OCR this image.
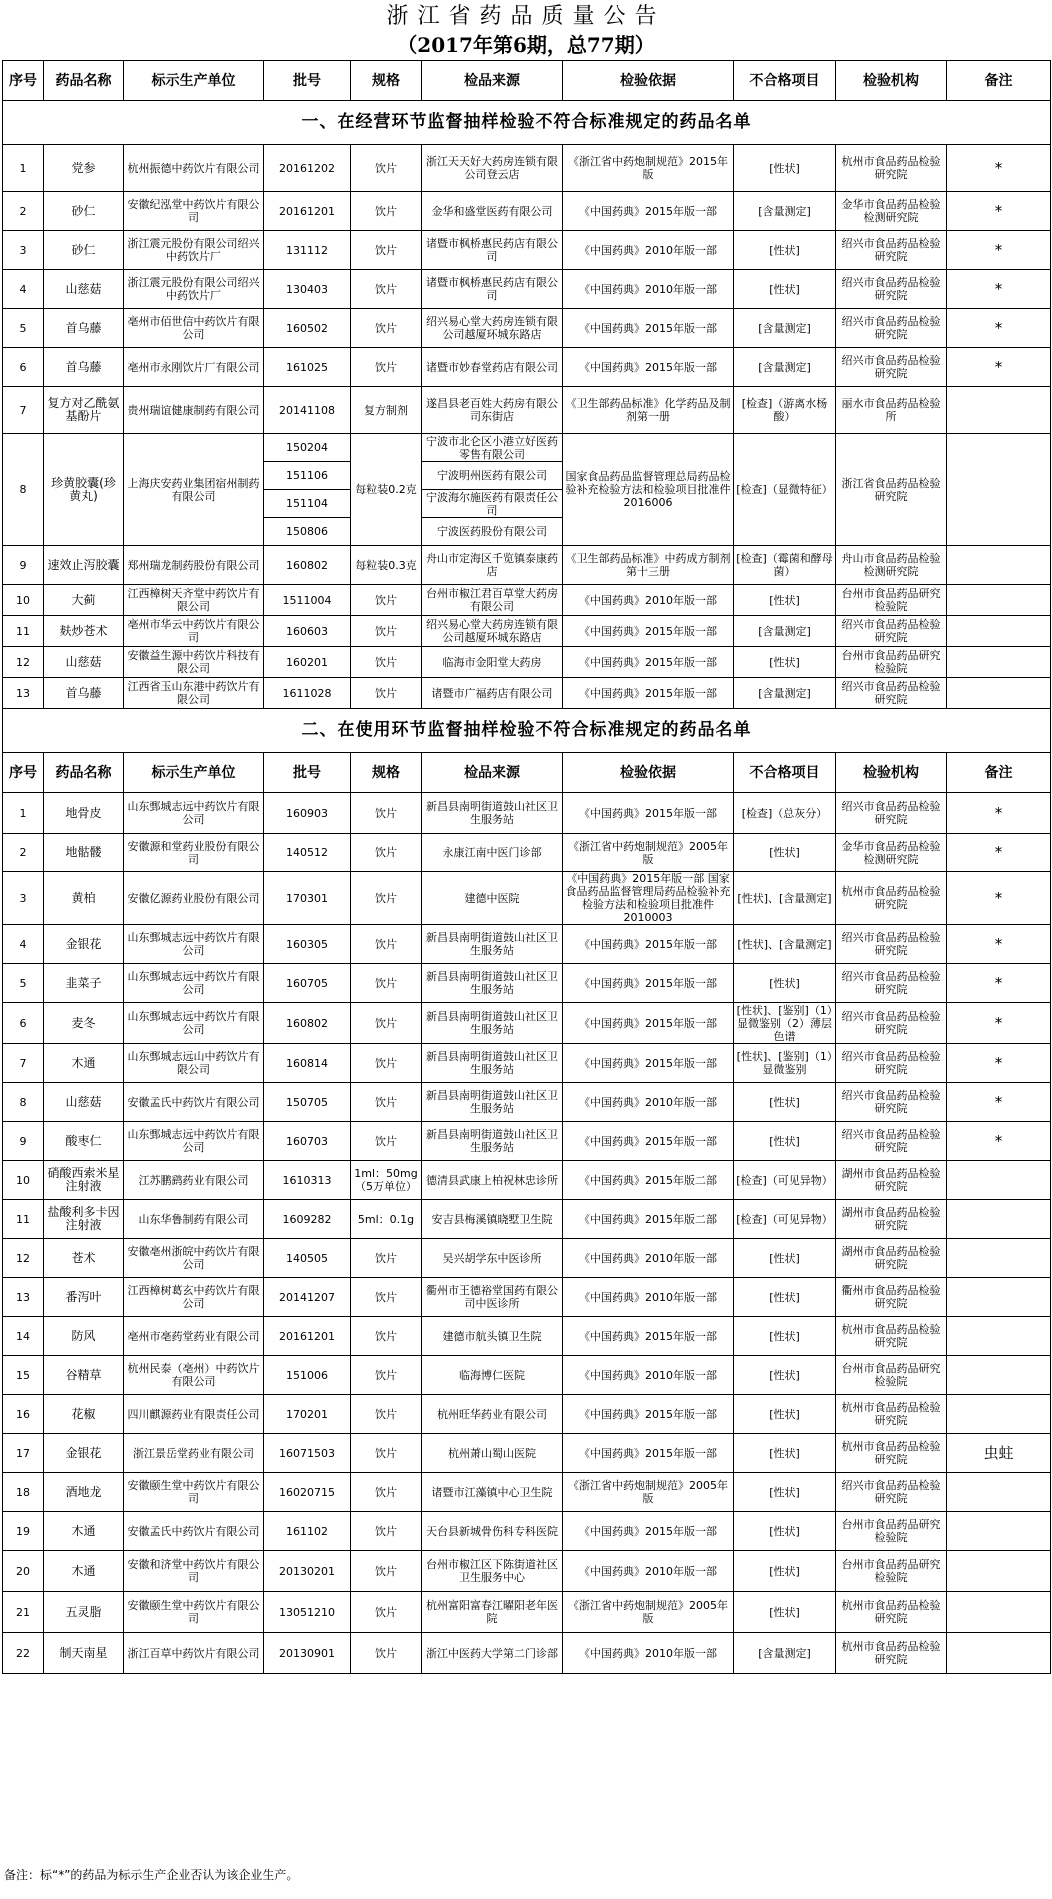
浙江省药品质量公告
（2017年第6期，总77期）
序号	药品名称	标示生产单位	批号	规格	检品来源	检验依据	不合格项目	检验机构	备注
一、在经营环节监督抽样检验不符合标准规定的药品名单									
1	党参	杭州振德中药饮片有限公司	20161202	饮片	浙江天天好大药房连锁有限公司登云店	《浙江省中药炮制规范》2015年版	[性状]	杭州市食品药品检验研究院	*
2	砂仁	安徽纪泓堂中药饮片有限公司	20161201	饮片	金华和盛堂医药有限公司	《中国药典》2015年版一部	[含量测定]	金华市食品药品检验检测研究院	*
3	砂仁	浙江震元股份有限公司绍兴中药饮片厂	131112	饮片	诸暨市枫桥惠民药店有限公司	《中国药典》2010年版一部	[性状]	绍兴市食品药品检验研究院	*
4	山慈菇	浙江震元股份有限公司绍兴中药饮片厂	130403	饮片	诸暨市枫桥惠民药店有限公司	《中国药典》2010年版一部	[性状]	绍兴市食品药品检验研究院	*
5	首乌藤	亳州市佰世信中药饮片有限公司	160502	饮片	绍兴易心堂大药房连锁有限公司越厦环城东路店	《中国药典》2015年版一部	[含量测定]	绍兴市食品药品检验研究院	*
6	首乌藤	亳州市永刚饮片厂有限公司	161025	饮片	诸暨市妙春堂药店有限公司	《中国药典》2015年版一部	[含量测定]	绍兴市食品药品检验研究院	*
7	复方对乙酰氨基酚片	贵州瑞谊健康制药有限公司	20141108	复方制剂	遂昌县老百姓大药房有限公司东街店	《卫生部药品标准》化学药品及制剂第一册	[检查]（游离水杨酸）	丽水市食品药品检验所	
8	珍黄胶囊(珍黄丸)	上海庆安药业集团宿州制药有限公司	150204	每粒装0.2克	宁波市北仑区小港立好医药零售有限公司	国家食品药品监督管理总局药品检验补充检验方法和检验项目批准件2016006	[检查]（显微特征）	浙江省食品药品检验研究院	
			151106		宁波明州医药有限公司				
			151104		宁波海尔施医药有限责任公司				
			150806		宁波医药股份有限公司				
9	速效止泻胶囊	郑州瑞龙制药股份有限公司	160802	每粒装0.3克	舟山市定海区千览镇泰康药店	《卫生部药品标准》中药成方制剂第十三册	[检查]（霉菌和酵母菌）	舟山市食品药品检验检测研究院	
10	大蓟	江西樟树天齐堂中药饮片有限公司	1511004	饮片	台州市椒江君百草堂大药房有限公司	《中国药典》2010年版一部	[性状]	台州市食品药品研究检验院	
11	麸炒苍术	亳州市华云中药饮片有限公司	160603	饮片	绍兴易心堂大药房连锁有限公司越厦环城东路店	《中国药典》2015年版一部	[含量测定]	绍兴市食品药品检验研究院	
12	山慈菇	安徽益生源中药饮片科技有限公司	160201	饮片	临海市金阳堂大药房	《中国药典》2015年版一部	[性状]	台州市食品药品研究检验院	
13	首乌藤	江西省玉山东港中药饮片有限公司	1611028	饮片	诸暨市广福药店有限公司	《中国药典》2015年版一部	[含量测定]	绍兴市食品药品检验研究院	
二、在使用环节监督抽样检验不符合标准规定的药品名单									
序号	药品名称	标示生产单位	批号	规格	检品来源	检验依据	不合格项目	检验机构	备注
1	地骨皮	山东鄄城志远中药饮片有限公司	160903	饮片	新昌县南明街道鼓山社区卫生服务站	《中国药典》2015年版一部	[检查]（总灰分）	绍兴市食品药品检验研究院	*
2	地骷髅	安徽源和堂药业股份有限公司	140512	饮片	永康江南中医门诊部	《浙江省中药炮制规范》2005年版	[性状]	金华市食品药品检验检测研究院	*
3	黄柏	安徽亿源药业股份有限公司	170301	饮片	建德中医院	《中国药典》2015年版一部 国家食品药品监督管理局药品检验补充检验方法和检验项目批准件2010003	[性状]、[含量测定]	杭州市食品药品检验研究院	*
4	金银花	山东鄄城志远中药饮片有限公司	160305	饮片	新昌县南明街道鼓山社区卫生服务站	《中国药典》2015年版一部	[性状]、[含量测定]	绍兴市食品药品检验研究院	*
5	韭菜子	山东鄄城志远中药饮片有限公司	160705	饮片	新昌县南明街道鼓山社区卫生服务站	《中国药典》2015年版一部	[性状]	绍兴市食品药品检验研究院	*
6	麦冬	山东鄄城志远中药饮片有限公司	160802	饮片	新昌县南明街道鼓山社区卫生服务站	《中国药典》2015年版一部	[性状]、[鉴别]（1）显微鉴别（2）薄层色谱	绍兴市食品药品检验研究院	*
7	木通	山东鄄城志远山中药饮片有限公司	160814	饮片	新昌县南明街道鼓山社区卫生服务站	《中国药典》2015年版一部	[性状]、[鉴别]（1）显微鉴别	绍兴市食品药品检验研究院	*
8	山慈菇	安徽孟氏中药饮片有限公司	150705	饮片	新昌县南明街道鼓山社区卫生服务站	《中国药典》2010年版一部	[性状]	绍兴市食品药品检验研究院	*
9	酸枣仁	山东鄄城志远中药饮片有限公司	160703	饮片	新昌县南明街道鼓山社区卫生服务站	《中国药典》2015年版一部	[性状]	绍兴市食品药品检验研究院	*
10	硝酸西索米星注射液	江苏鹏鹞药业有限公司	1610313	1ml：50mg（5万单位）	德清县武康上柏祝林忠诊所	《中国药典》2015年版二部	[检查]（可见异物）	湖州市食品药品检验研究院	
11	盐酸利多卡因注射液	山东华鲁制药有限公司	1609282	5ml：0.1g	安吉县梅溪镇晓墅卫生院	《中国药典》2015年版二部	[检查]（可见异物）	湖州市食品药品检验研究院	
12	苍术	安徽亳州浙皖中药饮片有限公司	140505	饮片	吴兴胡学东中医诊所	《中国药典》2010年版一部	[性状]	湖州市食品药品检验研究院	
13	番泻叶	江西樟树葛玄中药饮片有限公司	20141207	饮片	衢州市王德裕堂国药有限公司中医诊所	《中国药典》2010年版一部	[性状]	衢州市食品药品检验研究院	
14	防风	亳州市亳药堂药业有限公司	20161201	饮片	建德市航头镇卫生院	《中国药典》2015年版一部	[性状]	杭州市食品药品检验研究院	
15	谷精草	杭州民泰（亳州）中药饮片有限公司	151006	饮片	临海博仁医院	《中国药典》2010年版一部	[性状]	台州市食品药品研究检验院	
16	花椒	四川麒源药业有限责任公司	170201	饮片	杭州旺华药业有限公司	《中国药典》2015年版一部	[性状]	杭州市食品药品检验研究院	
17	金银花	浙江景岳堂药业有限公司	16071503	饮片	杭州萧山蜀山医院	《中国药典》2015年版一部	[性状]	杭州市食品药品检验研究院	虫蛀
18	酒地龙	安徽颐生堂中药饮片有限公司	16020715	饮片	诸暨市江藻镇中心卫生院	《浙江省中药炮制规范》2005年版	[性状]	绍兴市食品药品检验研究院	
19	木通	安徽孟氏中药饮片有限公司	161102	饮片	天台县新城骨伤科专科医院	《中国药典》2015年版一部	[性状]	台州市食品药品研究检验院	
20	木通	安徽和济堂中药饮片有限公司	20130201	饮片	台州市椒江区下陈街道社区卫生服务中心	《中国药典》2010年版一部	[性状]	台州市食品药品研究检验院	
21	五灵脂	安徽颐生堂中药饮片有限公司	13051210	饮片	杭州富阳富春江曜阳老年医院	《浙江省中药炮制规范》2005年版	[性状]	杭州市食品药品检验研究院	
22	制天南星	浙江百草中药饮片有限公司	20130901	饮片	浙江中医药大学第二门诊部	《中国药典》2010年版一部	[含量测定]	杭州市食品药品检验研究院	
备注：标“*”的药品为标示生产企业否认为该企业生产。
